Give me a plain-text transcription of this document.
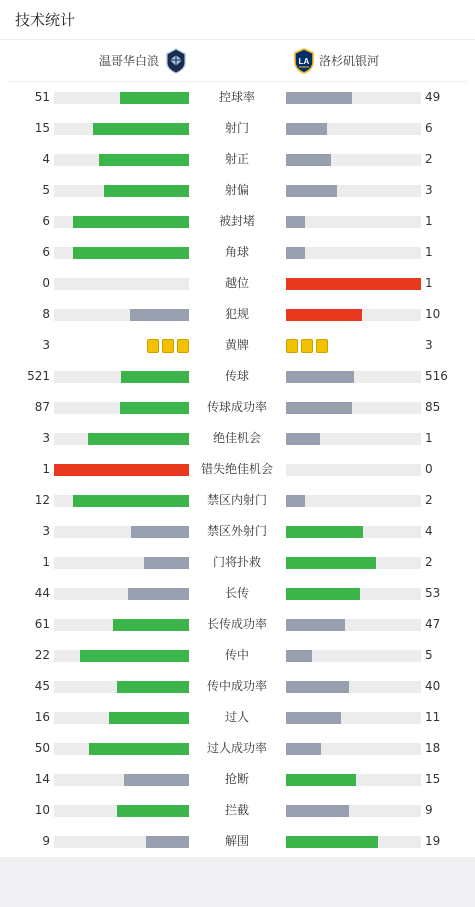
技术统计
温哥华白浪	LA 洛杉矶银河
51	控球率	49
15	射门	6
4	射正	2
5	射偏	3
6	被封堵	1
6	角球	1
0	越位	1
8	犯规	10
3	黄牌	3
521	传球	516
87	传球成功率	85
3	绝佳机会	1
1	错失绝佳机会	0
12	禁区内射门	2
3	禁区外射门	4
1	门将扑救	2
44	长传	53
61	长传成功率	47
22	传中	5
45	传中成功率	40
16	过人	11
50	过人成功率	18
14	抢断	15
10	拦截	9
9	解围	19
